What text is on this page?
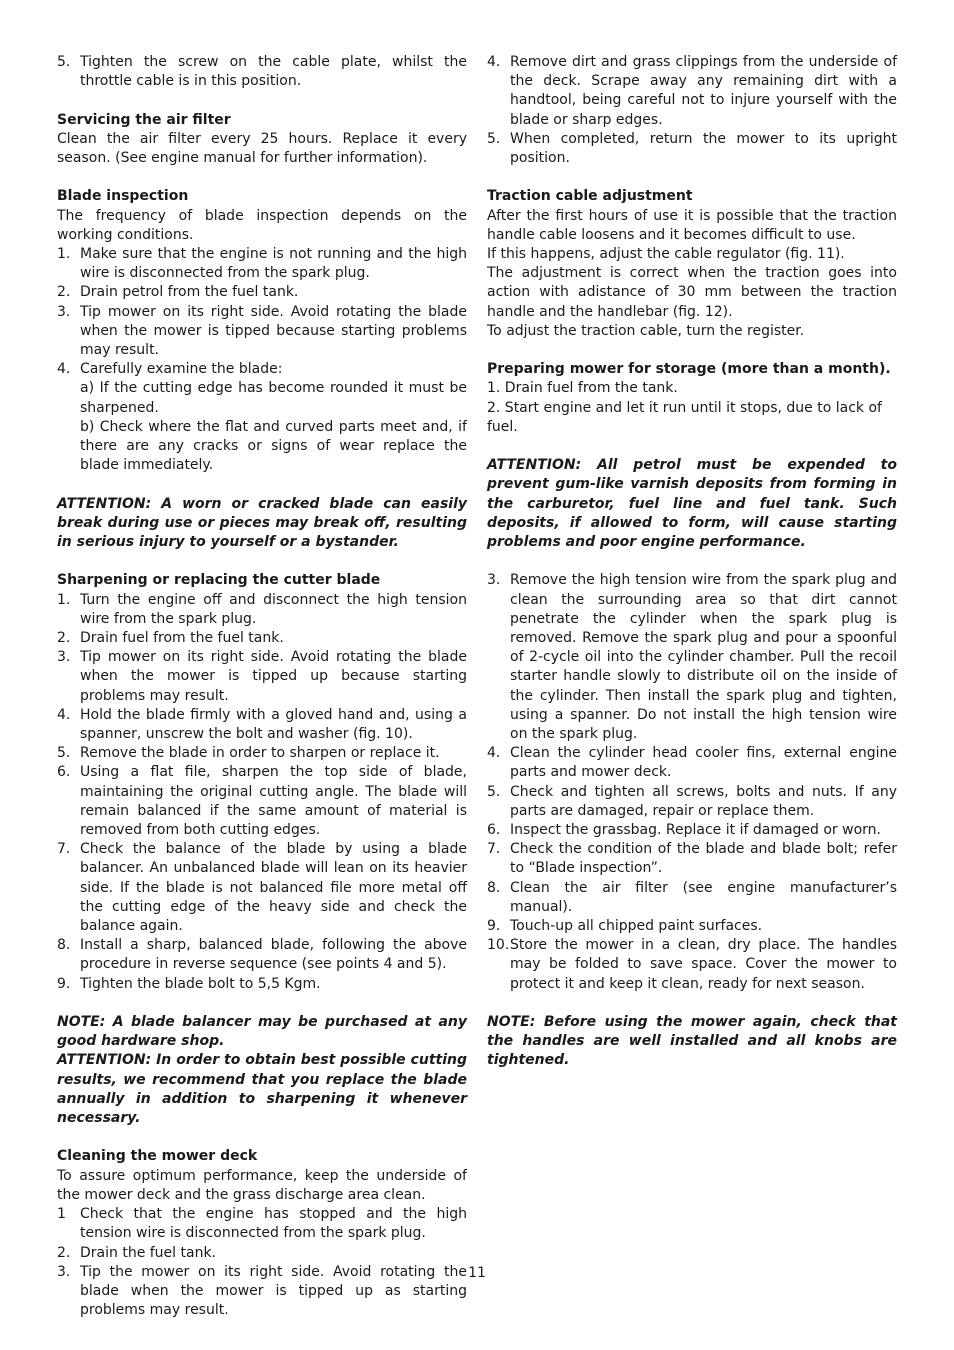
5. Tighten the screw on the cable plate, whilst the throttle cable is in this position.
Servicing the air filter

Clean the air filter every 25 hours. Replace it every season. (See engine manual for further information).

Blade inspection

The frequency of blade inspection depends on the working conditions.

1. Make sure that the engine is not running and the high wire is disconnected from the spark plug.
2. Drain petrol from the fuel tank.
3. Tip mower on its right side. Avoid rotating the blade when the mower is tipped because starting problems may result.
4. Carefully examine the blade:
a) If the cutting edge has become rounded it must be sharpened.
b) Check where the flat and curved parts meet and, if there are any cracks or signs of wear replace the blade immediately.
ATTENTION: A worn or cracked blade can easily break during use or pieces may break off, resulting in serious injury to yourself or a bystander.
Sharpening or replacing the cutter blade
1. Turn the engine off and disconnect the high tension wire from the spark plug.
2. Drain fuel from the fuel tank.
3. Tip mower on its right side. Avoid rotating the blade when the mower is tipped up because starting problems may result.
4. Hold the blade firmly with a gloved hand and, using a spanner, unscrew the bolt and washer (fig. 10).
5. Remove the blade in order to sharpen or replace it.
6. Using a flat file, sharpen the top side of blade, maintaining the original cutting angle. The blade will remain balanced if the same amount of material is removed from both cutting edges.
7. Check the balance of the blade by using a blade balancer. An unbalanced blade will lean on its heavier side. If the blade is not balanced file more metal off the cutting edge of the heavy side and check the balance again.
8. Install a sharp, balanced blade, following the above procedure in reverse sequence (see points 4 and 5).
9. Tighten the blade bolt to 5,5 Kgm.
NOTE: A blade balancer may be purchased at any good hardware shop.
ATTENTION: In order to obtain best possible cutting results, we recommend that you replace the blade annually in addition to sharpening it whenever necessary.
Cleaning the mower deck

To assure optimum performance, keep the underside of the mower deck and the grass discharge area clean.

1	Check that the engine has stopped and the high tension wire is disconnected from the spark plug.
2. Drain the fuel tank.
3. Tip the mower on its right side. Avoid rotating the blade when the mower is tipped up as starting problems may result.
4. Remove dirt and grass clippings from the underside of the deck. Scrape away any remaining dirt with a handtool, being careful not to injure yourself with the blade or sharp edges.
5. When completed, return the mower to its upright position.
Traction cable adjustment

After the first hours of use it is possible that the traction handle cable loosens and it becomes difficult to use.

If this happens, adjust the cable regulator (fig. 11).

The adjustment is correct when the traction goes into action with adistance of 30 mm between the traction handle and the handlebar (fig. 12).

To adjust the traction cable, turn the register.

Preparing mower for storage (more than a month).
1. Drain fuel from the tank.
2. Start engine and let it run until it stops, due to lack of fuel.
ATTENTION: All petrol must be expended to prevent gum-like varnish deposits from forming in the carburetor, fuel line and fuel tank. Such deposits, if allowed to form, will cause starting problems and poor engine performance.
3. Remove the high tension wire from the spark plug and clean the surrounding area so that dirt cannot penetrate the cylinder when the spark plug is removed. Remove the spark plug and pour a spoonful of 2-cycle oil into the cylinder chamber. Pull the recoil starter handle slowly to distribute oil on the inside of the cylinder. Then install the spark plug and tighten, using a spanner. Do not install the high tension wire on the spark plug.
4. Clean the cylinder head cooler fins, external engine parts and mower deck.
5. Check and tighten all screws, bolts and nuts. If any parts are damaged, repair or replace them.
6. Inspect the grassbag. Replace it if damaged or worn.
7. Check the condition of the blade and blade bolt; refer to “Blade inspection”.
8. Clean the air filter (see engine manufacturer’s manual).
9. Touch-up all chipped paint surfaces.
10. Store the mower in a clean, dry place. The handles may be folded to save space. Cover the mower to protect it and keep it clean, ready for next season.
NOTE: Before using the mower again, check that the handles are well installed and all knobs are tightened.
11
